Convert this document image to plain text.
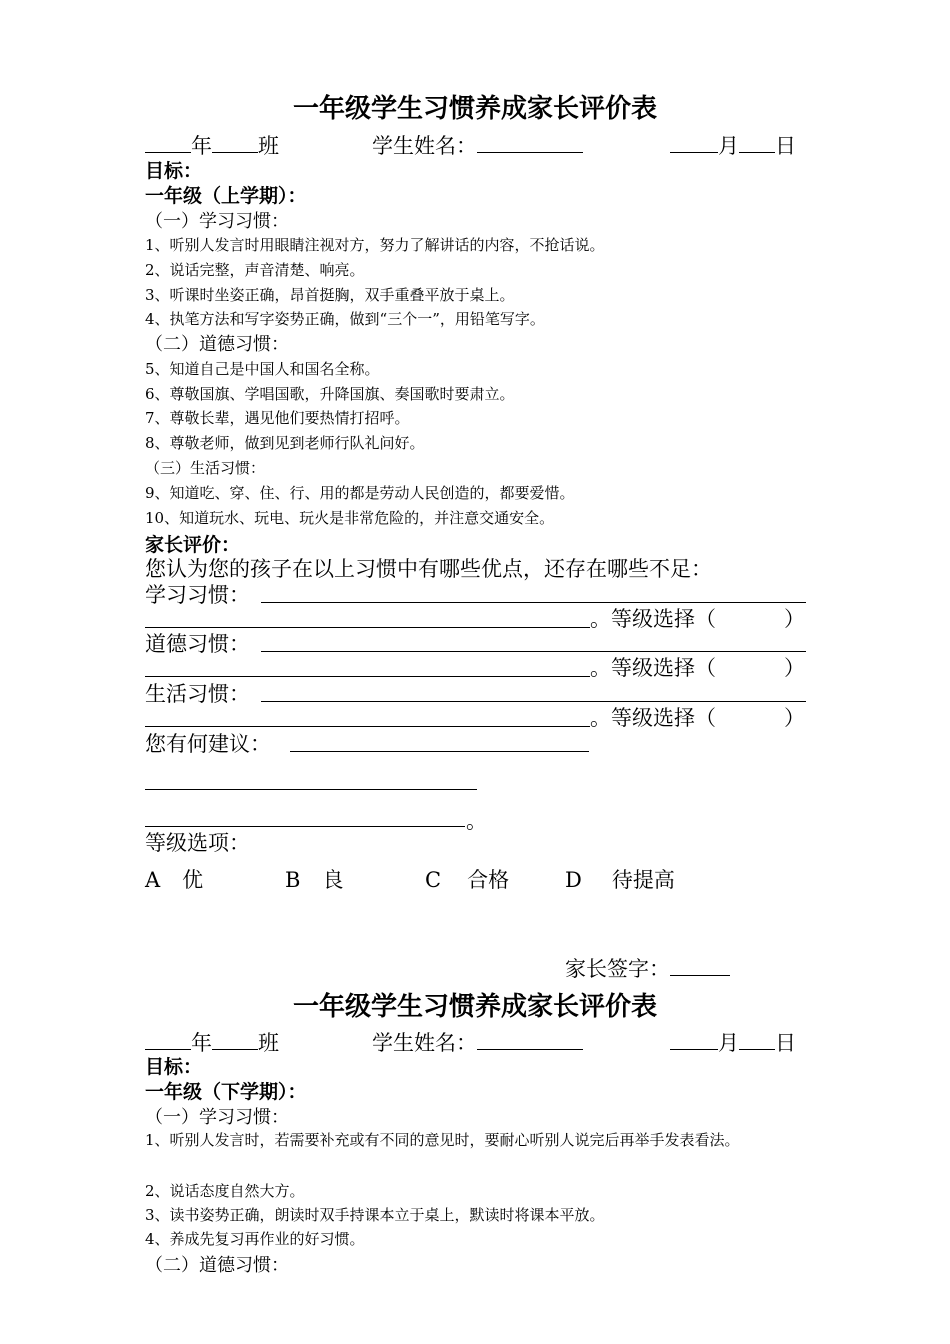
一年级学生习惯养成家长评价表
年 班	学生姓名：	月 日
目标：
一年级（上学期）：
（一）学习习惯：
1、听别人发言时用眼睛注视对方，努力了解讲话的内容，不抢话说。
2、说话完整，声音清楚、响亮。
3、听课时坐姿正确，昂首挺胸，双手重叠平放于桌上。
4、执笔方法和写字姿势正确，做到“三个一”，用铅笔写字。
（二）道德习惯：
5、知道自己是中国人和国名全称。
6、尊敬国旗、学唱国歌，升降国旗、奏国歌时要肃立。
7、尊敬长辈，遇见他们要热情打招呼。
8、尊敬老师，做到见到老师行队礼问好。
（三）生活习惯：
9、知道吃、穿、住、行、用的都是劳动人民创造的，都要爱惜。
10、知道玩水、玩电、玩火是非常危险的，并注意交通安全。
家长评价：
您认为您的孩子在以上习惯中有哪些优点，还存在哪些不足：
学习习惯：
。等级选择（	）
道德习惯：
。等级选择（	）
生活习惯：
。等级选择（	）
您有何建议：
。
等级选项：
A 优	B 良	C 合格	D 待提高
家长签字：
一年级学生习惯养成家长评价表
年 班	学生姓名：	月 日
目标：
一年级（下学期）：
（一）学习习惯：
1、听别人发言时，若需要补充或有不同的意见时，要耐心听别人说完后再举手发表看法。
2、说话态度自然大方。
3、读书姿势正确，朗读时双手持课本立于桌上，默读时将课本平放。
4、养成先复习再作业的好习惯。
（二）道德习惯：
